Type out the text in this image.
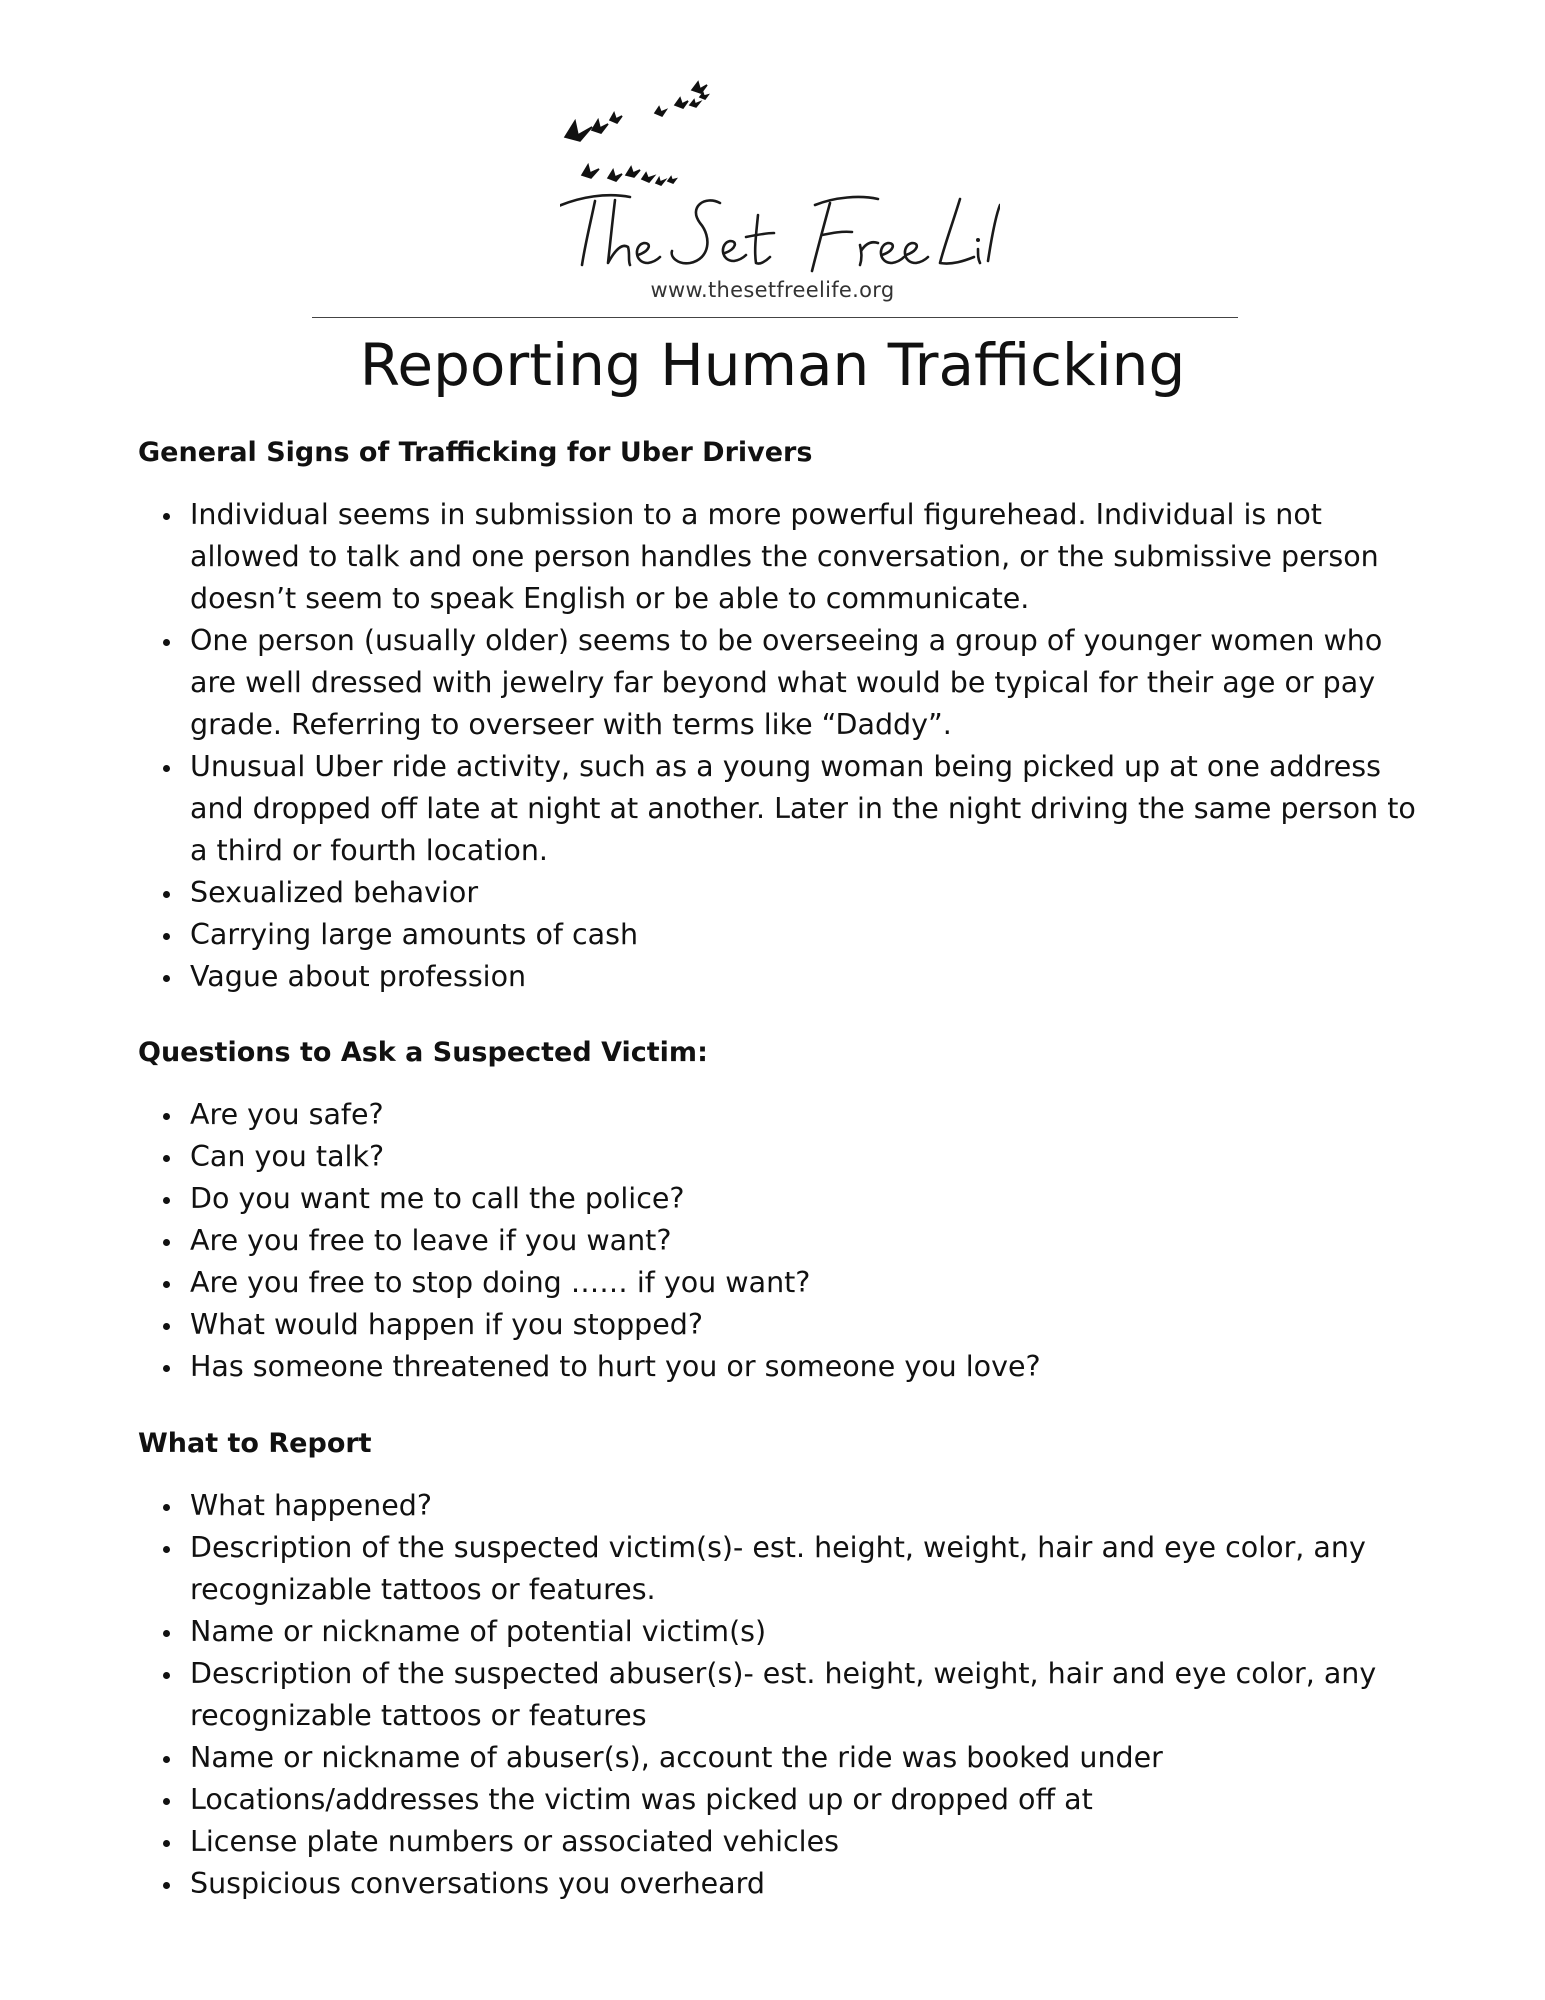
www.thesetfreelife.org
Reporting Human Trafficking
General Signs of Trafficking for Uber Drivers
Individual seems in submission to a more powerful figurehead. Individual is not allowed to talk and one person handles the conversation, or the submissive person doesn’t seem to speak English or be able to communicate.
One person (usually older) seems to be overseeing a group of younger women who are well dressed with jewelry far beyond what would be typical for their age or pay grade. Referring to overseer with terms like “Daddy”.
Unusual Uber ride activity, such as a young woman being picked up at one address and dropped off late at night at another. Later in the night driving the same person to a third or fourth location.
Sexualized behavior
Carrying large amounts of cash
Vague about profession
Questions to Ask a Suspected Victim:
Are you safe?
Can you talk?
Do you want me to call the police?
Are you free to leave if you want?
Are you free to stop doing …… if you want?
What would happen if you stopped?
Has someone threatened to hurt you or someone you love?
What to Report
What happened?
Description of the suspected victim(s)- est. height, weight, hair and eye color, any recognizable tattoos or features.
Name or nickname of potential victim(s)
Description of the suspected abuser(s)- est. height, weight, hair and eye color, any recognizable tattoos or features
Name or nickname of abuser(s), account the ride was booked under
Locations/addresses the victim was picked up or dropped off at
License plate numbers or associated vehicles
Suspicious conversations you overheard
